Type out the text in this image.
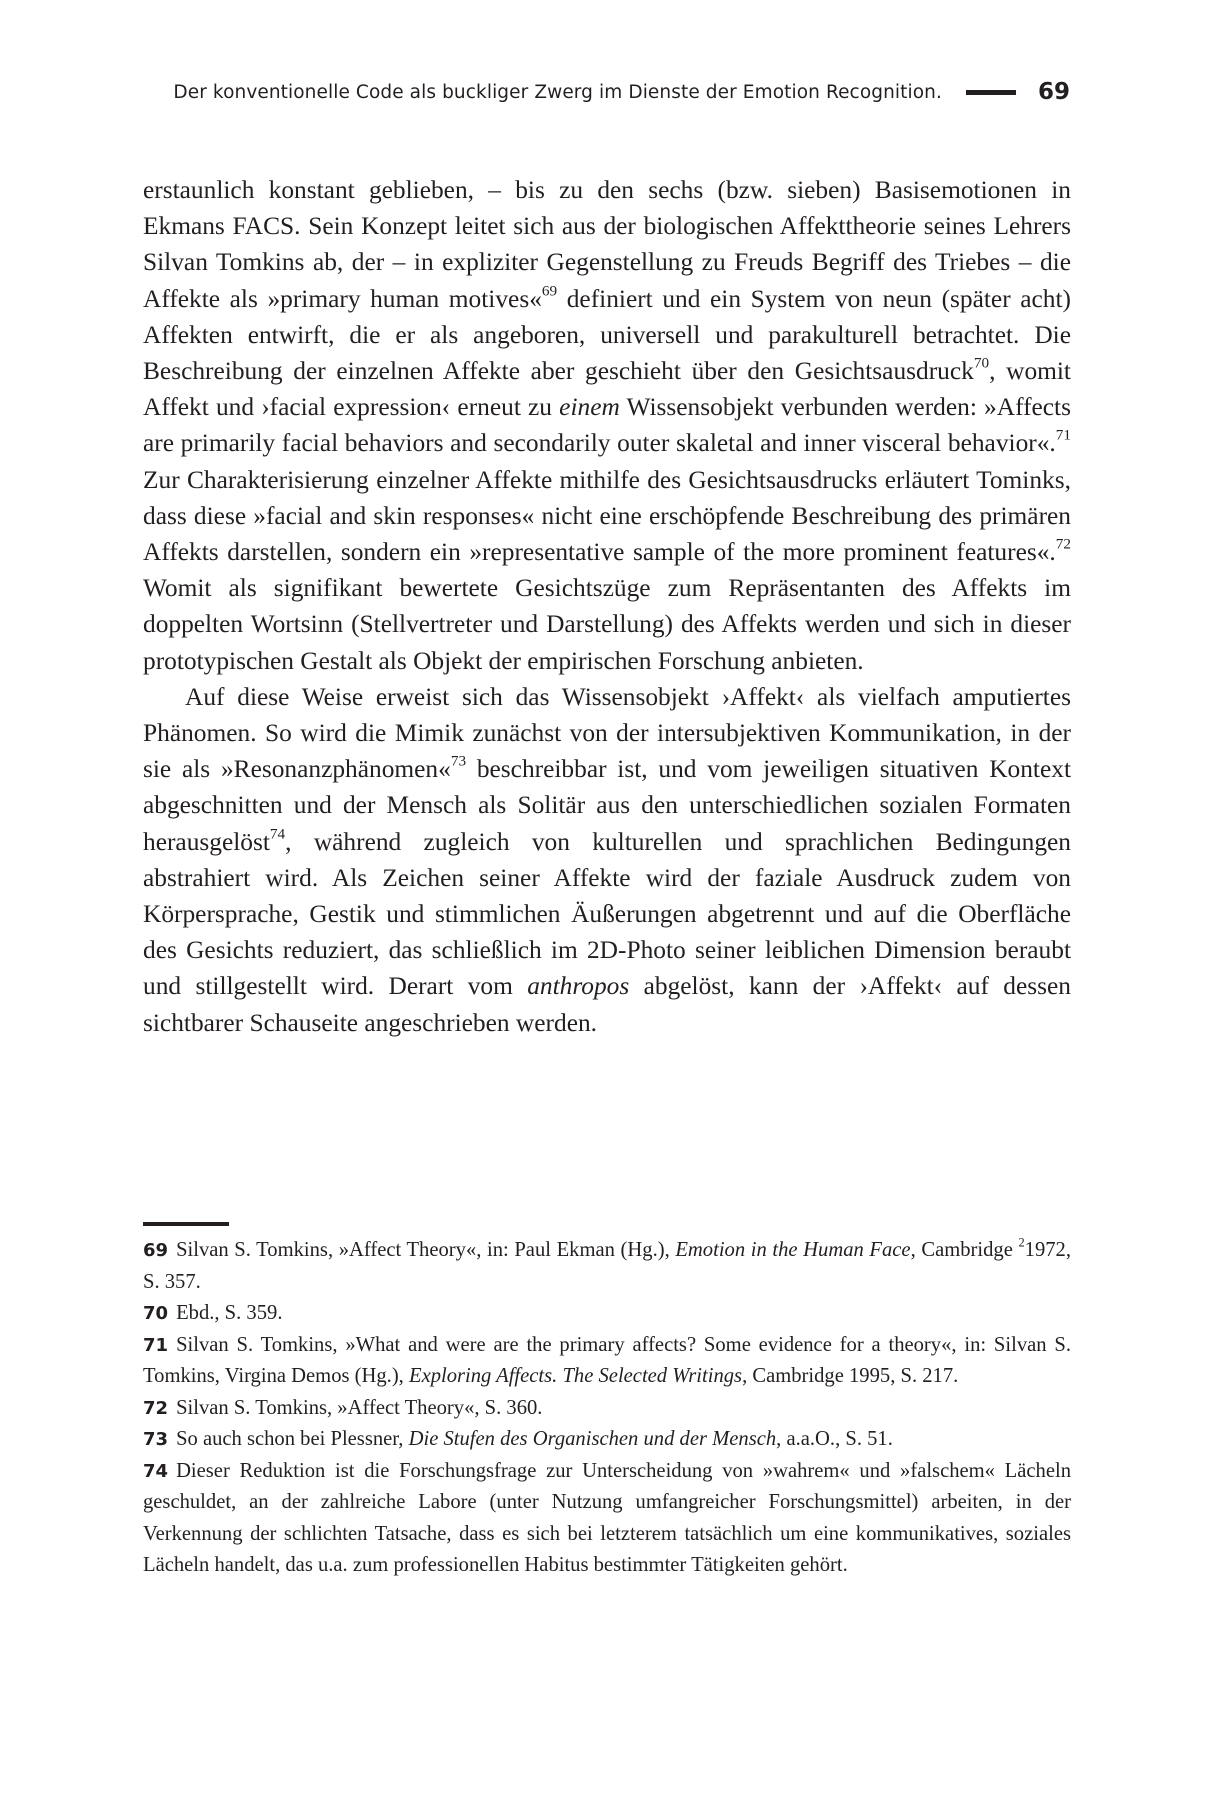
Der konventionelle Code als buckliger Zwerg im Dienste der Emotion Recognition.	69

erstaunlich konstant geblieben, – bis zu den sechs (bzw. sieben) Basisemotionen in Ekmans FACS. Sein Konzept leitet sich aus der biologischen Affekttheorie seines Lehrers Silvan Tomkins ab, der – in expliziter Gegenstellung zu Freuds Begriff des Triebes – die Affekte als »primary human motives«$^{69}$ definiert und ein System von neun (später acht) Affekten entwirft, die er als angeboren, universell und parakulturell betrachtet. Die Beschreibung der einzelnen Affekte aber geschieht über den Gesichtsausdruck$^{70}$, womit Affekt und ›facial expression‹ erneut zu einem Wissensobjekt verbunden werden: »Affects are primarily facial behaviors and secondarily outer skaletal and inner visceral behavior«.$^{71}$ Zur Charakterisierung einzelner Affekte mithilfe des Gesichtsausdrucks erläutert Tominks, dass diese »facial and skin responses« nicht eine erschöpfende Beschreibung des primären Affekts darstellen, sondern ein »representative sample of the more prominent features«.$^{72}$ Womit als signifikant bewertete Gesichtszüge zum Repräsentanten des Affekts im doppelten Wortsinn (Stellvertreter und Darstellung) des Affekts werden und sich in dieser prototypischen Gestalt als Objekt der empirischen Forschung anbieten.

Auf diese Weise erweist sich das Wissensobjekt ›Affekt‹ als vielfach amputiertes Phänomen. So wird die Mimik zunächst von der intersubjektiven Kommunikation, in der sie als »Resonanzphänomen«$^{73}$ beschreibbar ist, und vom jeweiligen situativen Kontext abgeschnitten und der Mensch als Solitär aus den unterschiedlichen sozialen Formaten herausgelöst$^{74}$, während zugleich von kulturellen und sprachlichen Bedingungen abstrahiert wird. Als Zeichen seiner Affekte wird der faziale Ausdruck zudem von Körpersprache, Gestik und stimmlichen Äußerungen abgetrennt und auf die Oberfläche des Gesichts reduziert, das schließlich im 2D-Photo seiner leiblichen Dimension beraubt und stillgestellt wird. Derart vom anthropos abgelöst, kann der ›Affekt‹ auf dessen sichtbarer Schauseite angeschrieben werden.

69 Silvan S. Tomkins, »Affect Theory«, in: Paul Ekman (Hg.), Emotion in the Human Face, Cambridge $^2$1972, S. 357.

70 Ebd., S. 359.

71 Silvan S. Tomkins, »What and were are the primary affects? Some evidence for a theory«, in: Silvan S. Tomkins, Virgina Demos (Hg.), Exploring Affects. The Selected Writings, Cambridge 1995, S. 217.

72 Silvan S. Tomkins, »Affect Theory«, S. 360.

73 So auch schon bei Plessner, Die Stufen des Organischen und der Mensch, a.a.O., S. 51.

74 Dieser Reduktion ist die Forschungsfrage zur Unterscheidung von »wahrem« und »falschem« Lächeln geschuldet, an der zahlreiche Labore (unter Nutzung umfangreicher Forschungsmittel) arbeiten, in der Verkennung der schlichten Tatsache, dass es sich bei letzterem tatsächlich um eine kommunikatives, soziales Lächeln handelt, das u.a. zum professionellen Habitus bestimmter Tätigkeiten gehört.
